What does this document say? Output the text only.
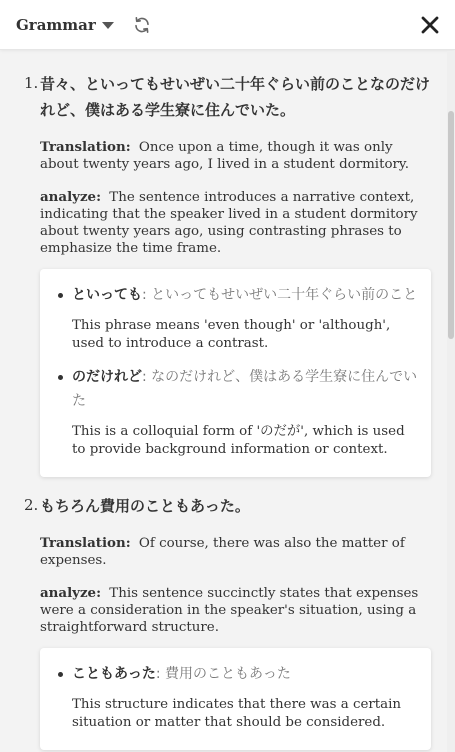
Grammar
1. 昔々、といってもせいぜい二十年ぐらい前のことなのだけれど、僕はある学生寮に住んでいた。
Translation: Once upon a time, though it was only about twenty years ago, I lived in a student dormitory.
analyze: The sentence introduces a narrative context, indicating that the speaker lived in a student dormitory about twenty years ago, using contrasting phrases to emphasize the time frame.
といっても: といってもせいぜい二十年ぐらい前のこと
This phrase means 'even though' or 'although', used to introduce a contrast.
のだけれど: なのだけれど、僕はある学生寮に住んでいた
This is a colloquial form of 'のだが', which is used to provide background information or context.
2. もちろん費用のこともあった。
Translation: Of course, there was also the matter of expenses.
analyze: This sentence succinctly states that expenses were a consideration in the speaker's situation, using a straightforward structure.
こともあった: 費用のこともあった
This structure indicates that there was a certain situation or matter that should be considered.
